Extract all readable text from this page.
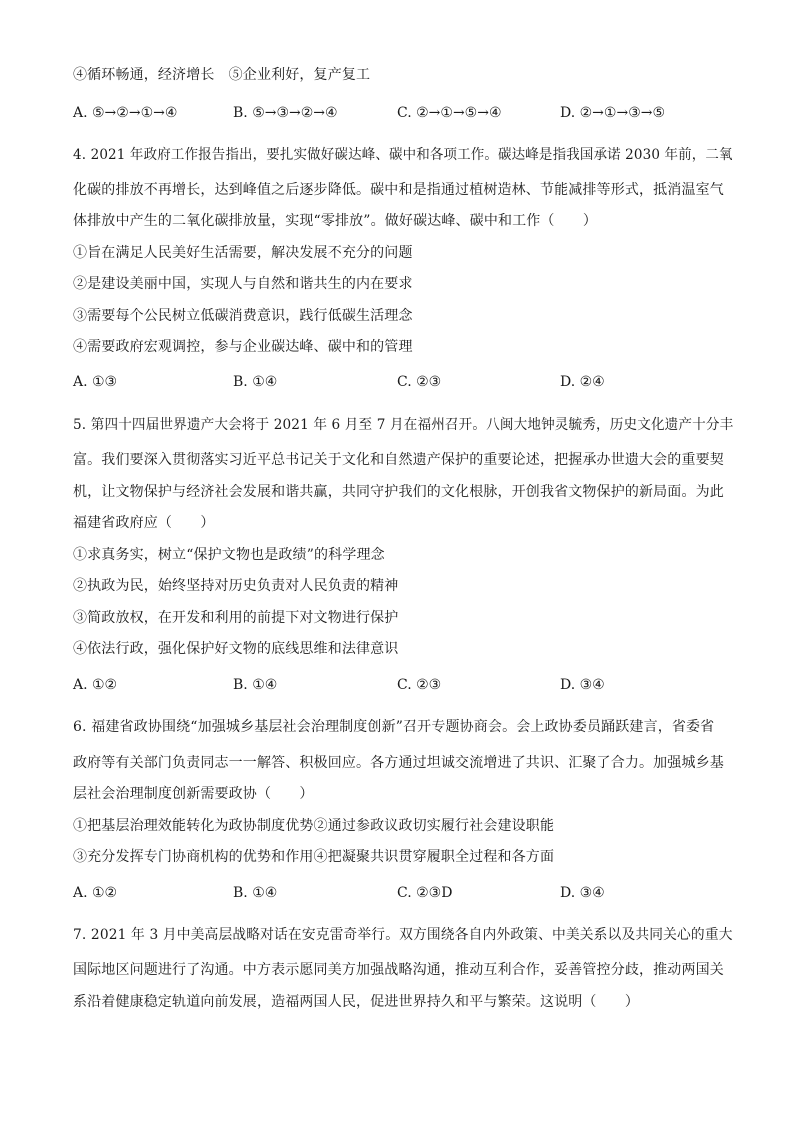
④循环畅通，经济增长　⑤企业利好，复产复工
A. ⑤→②→①→④	B. ⑤→③→②→④	C. ②→①→⑤→④	D. ②→①→③→⑤
4. 2021 年政府工作报告指出，要扎实做好碳达峰、碳中和各项工作。碳达峰是指我国承诺 2030 年前，二氧
化碳的排放不再增长，达到峰值之后逐步降低。碳中和是指通过植树造林、节能减排等形式，抵消温室气
体排放中产生的二氧化碳排放量，实现“零排放”。做好碳达峰、碳中和工作（　　）
①旨在满足人民美好生活需要，解决发展不充分的问题
②是建设美丽中国，实现人与自然和谐共生的内在要求
③需要每个公民树立低碳消费意识，践行低碳生活理念
④需要政府宏观调控，参与企业碳达峰、碳中和的管理
A. ①③	B. ①④	C. ②③	D. ②④
5. 第四十四届世界遗产大会将于 2021 年 6 月至 7 月在福州召开。八闽大地钟灵毓秀，历史文化遗产十分丰
富。我们要深入贯彻落实习近平总书记关于文化和自然遗产保护的重要论述，把握承办世遗大会的重要契
机，让文物保护与经济社会发展和谐共赢，共同守护我们的文化根脉，开创我省文物保护的新局面。为此
福建省政府应（　　）
①求真务实，树立“保护文物也是政绩”的科学理念
②执政为民，始终坚持对历史负责对人民负责的精神
③简政放权，在开发和利用的前提下对文物进行保护
④依法行政，强化保护好文物的底线思维和法律意识
A. ①②	B. ①④	C. ②③	D. ③④
6. 福建省政协围绕“加强城乡基层社会治理制度创新”召开专题协商会。会上政协委员踊跃建言，省委省
政府等有关部门负责同志一一解答、积极回应。各方通过坦诚交流增进了共识、汇聚了合力。加强城乡基
层社会治理制度创新需要政协（　　）
①把基层治理效能转化为政协制度优势②通过参政议政切实履行社会建设职能
③充分发挥专门协商机构的优势和作用④把凝聚共识贯穿履职全过程和各方面
A. ①②	B. ①④	C. ②③D	D. ③④
7. 2021 年 3 月中美高层战略对话在安克雷奇举行。双方围绕各自内外政策、中美关系以及共同关心的重大
国际地区问题进行了沟通。中方表示愿同美方加强战略沟通，推动互利合作，妥善管控分歧，推动两国关
系沿着健康稳定轨道向前发展，造福两国人民，促进世界持久和平与繁荣。这说明（　　）
